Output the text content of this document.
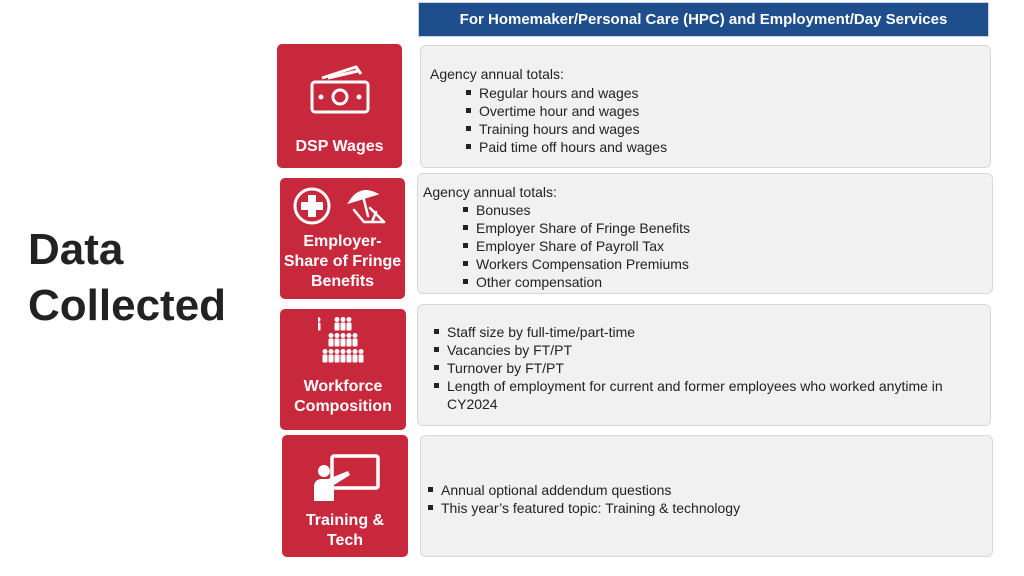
Data
Collected
For Homemaker/Personal Care (HPC) and Employment/Day Services
DSP Wages
Employer-
Share of Fringe
Benefits
Workforce
Composition
Training &
Tech
Agency annual totals:
Regular hours and wages
Overtime hour and wages
Training hours and wages
Paid time off hours and wages
Agency annual totals:
Bonuses
Employer Share of Fringe Benefits
Employer Share of Payroll Tax
Workers Compensation Premiums
Other compensation
Staff size by full-time/part-time
Vacancies by FT/PT
Turnover by FT/PT
Length of employment for current and former employees who worked anytime in CY2024
Annual optional addendum questions
This year’s featured topic: Training & technology
